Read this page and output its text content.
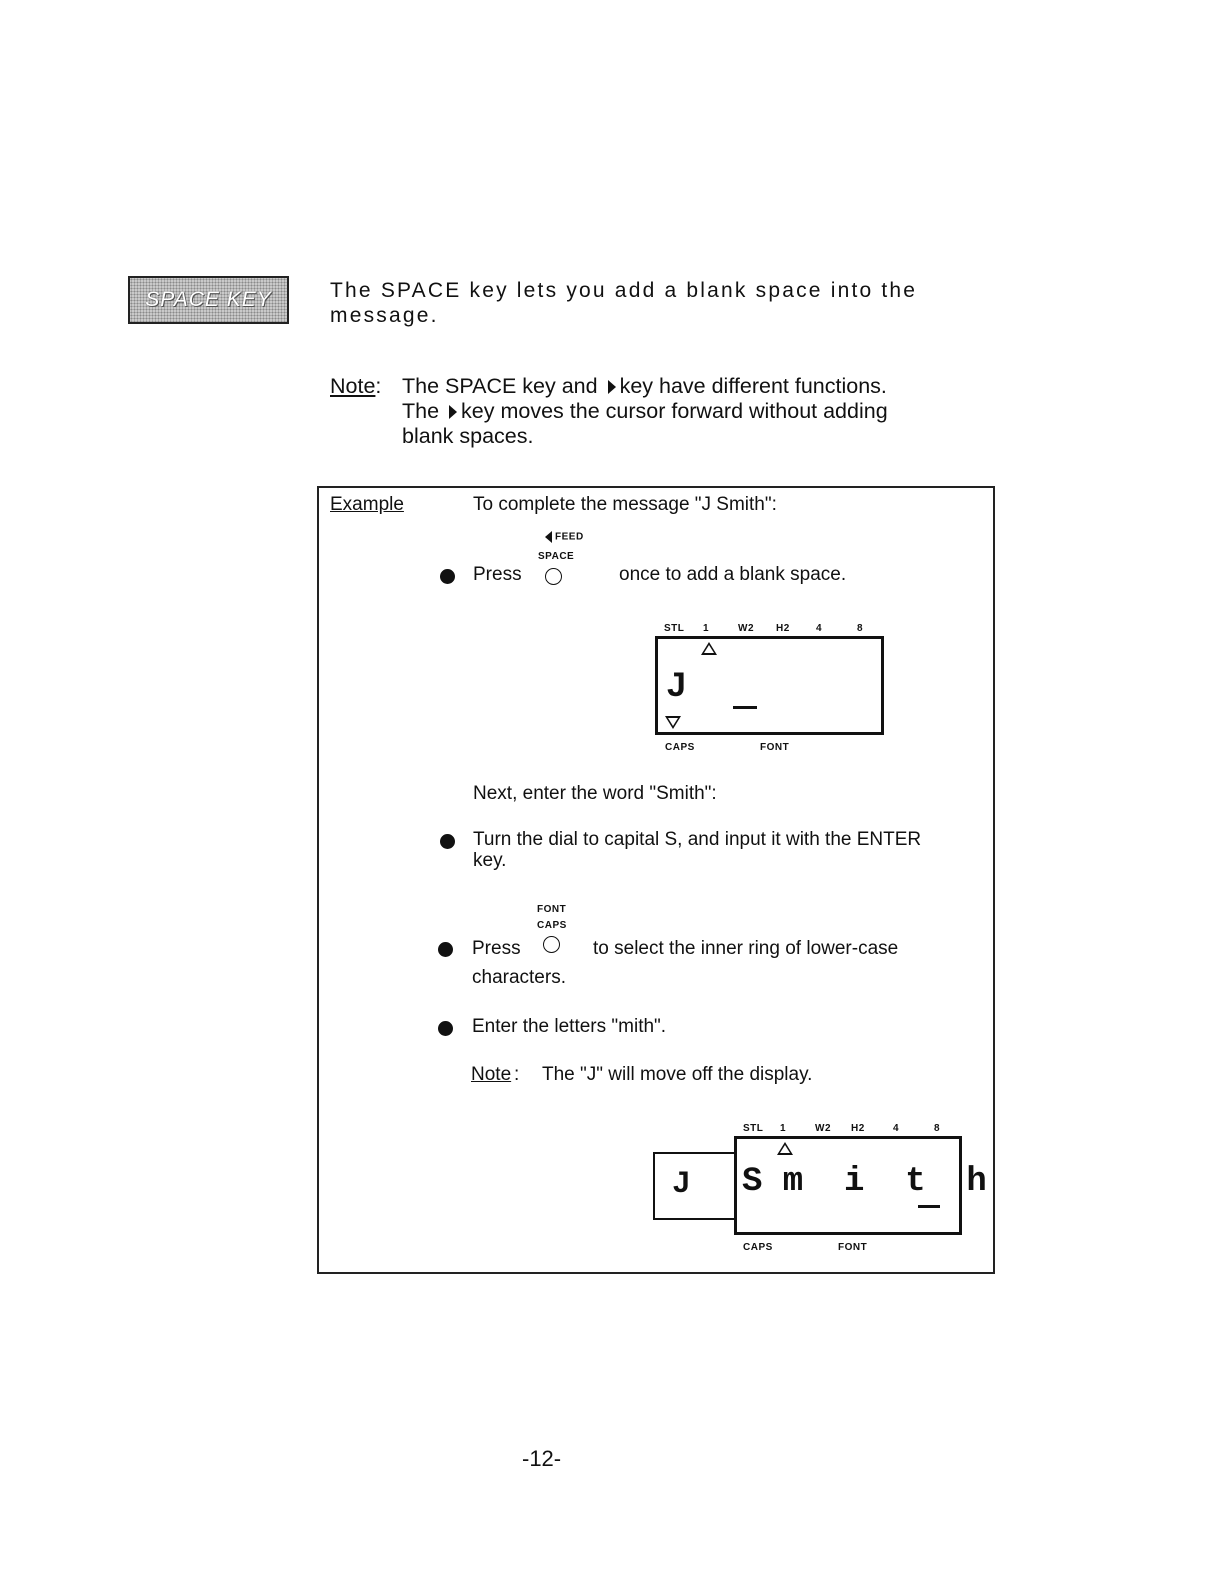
SPACE KEY	The SPACE key lets you add a blank space into the message.
Note: The SPACE key and key have different functions.
The key moves the cursor forward without adding
blank spaces.
Example	To complete the message "J Smith":
FEED
SPACE
Press	once to add a blank space.
STL 1	W2 H2	4	8
J
CAPS	FONT
Next, enter the word "Smith":
Turn the dial to capital S, and input it with the ENTER
key.
FONT
CAPS
Press	to select the inner ring of lower-case
characters.
Enter the letters "mith".
Note : The "J" will move off the display.
STL 1	W2 H2	4	8
J S m  i  t  h
CAPS	FONT
-12-
